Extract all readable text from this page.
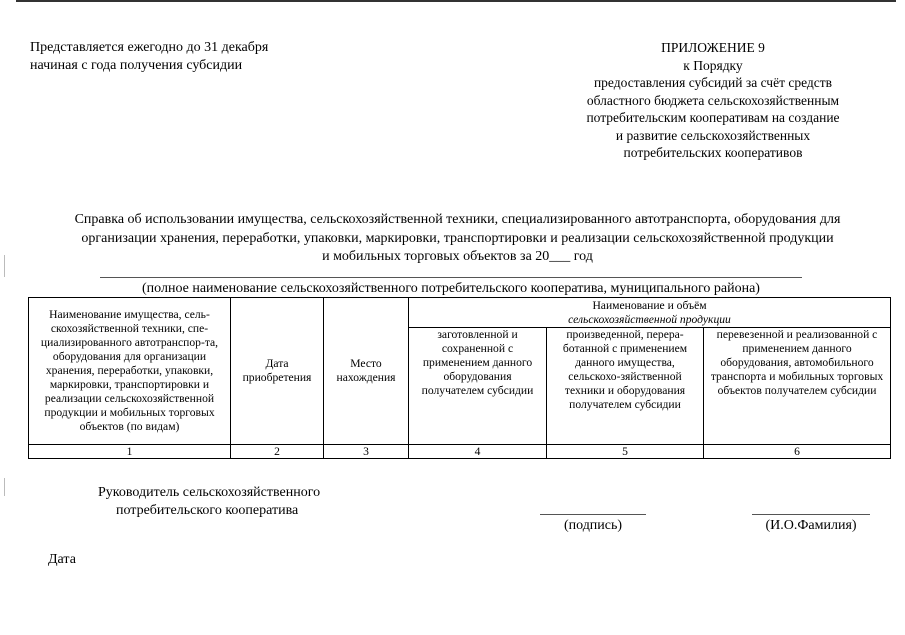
Представляется ежегодно до 31 декабря
начиная с года получения субсидии
ПРИЛОЖЕНИЕ 9
к Порядку
предоставления субсидий за счёт средств
областного бюджета сельскохозяйственным
потребительским кооперативам на создание
и развитие сельскохозяйственных
потребительских кооперативов
Справка об использовании имущества, сельскохозяйственной техники, специализированного автотранспорта, оборудования для
организации хранения, переработки, упаковки, маркировки, транспортировки и реализации сельскохозяйственной продукции
и мобильных торговых объектов за 20___ год
(полное наименование сельскохозяйственного потребительского кооператива, муниципального района)
Наименование имущества, сель-скохозяйственной техники, спе-циализированного автотранспор-та, оборудования для организации хранения, переработки, упаковки, маркировки, транспортировки и реализации сельскохозяйственной продукции и мобильных торговых объектов (по видам)	Дата приобретения	Место нахождения	Наименование и объём
сельскохозяйственной продукции		

			заготовленной и сохраненной с применением данного оборудования получателем субсидии	произведенной, перера-ботанной с применением данного имущества, сельскохо-зяйственной техники и оборудования получателем субсидии	перевезенной и реализованной с применением данного оборудования, автомобильного транспорта и мобильных торговых объектов получателем субсидии
1	2	3	4	5	6
Руководитель сельскохозяйственного
потребительского кооператива
(подпись)	(И.О.Фамилия)
Дата
